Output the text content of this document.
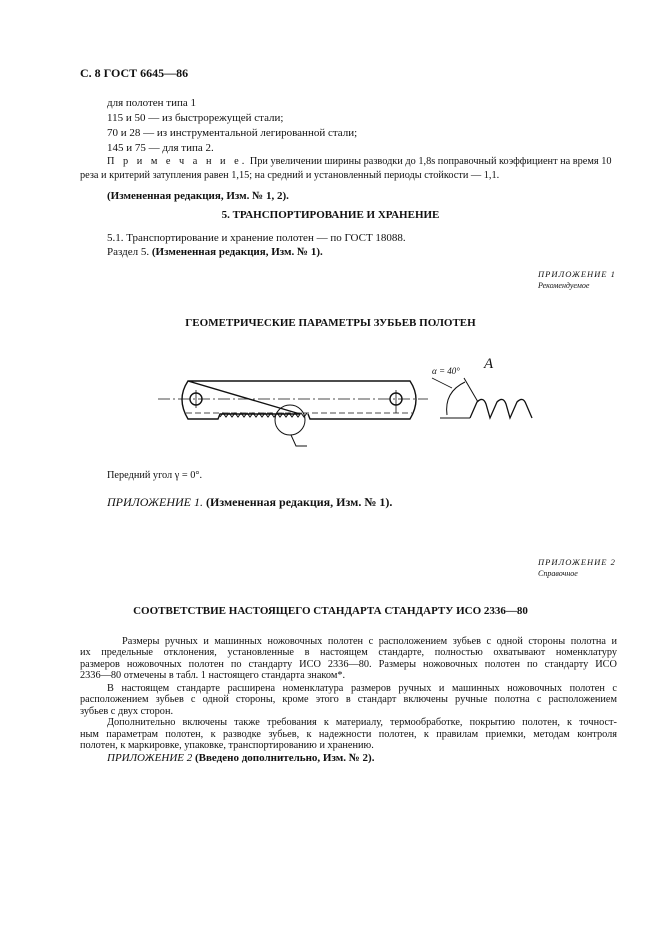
С. 8 ГОСТ 6645—86
для полотен типа 1
115 и 50 — из быстрорежущей стали;
70 и 28 — из инструментальной легированной стали;
145 и 75 — для типа 2.
П р и м е ч а н и е. При увеличении ширины разводки до 1,8s поправочный коэффициент на время 10
реза и критерий затупления равен 1,15; на средний и установленный периоды стойкости — 1,1.
(Измененная редакция, Изм. № 1, 2).
5. ТРАНСПОРТИРОВАНИЕ И ХРАНЕНИЕ
5.1. Транспортирование и хранение полотен — по ГОСТ 18088.
Раздел 5. (Измененная редакция, Изм. № 1).
ПРИЛОЖЕНИЕ 1
Рекомендуемое
ГЕОМЕТРИЧЕСКИЕ ПАРАМЕТРЫ ЗУБЬЕВ ПОЛОТЕН
α = 40° А
Передний угол γ = 0°.
ПРИЛОЖЕНИЕ 1. (Измененная редакция, Изм. № 1).
ПРИЛОЖЕНИЕ 2
Справочное
СООТВЕТСТВИЕ НАСТОЯЩЕГО СТАНДАРТА СТАНДАРТУ ИСО 2336—80
Размеры ручных и машинных ножовочных полотен с расположением зубьев с одной стороны полотна и
их предельные отклонения, установленные в настоящем стандарте, полностью охватывают номенклатуру
размеров ножовочных полотен по стандарту ИСО 2336—80. Размеры ножовочных полотен по стандарту ИСО
2336—80 отмечены в табл. 1 настоящего стандарта знаком*.
В настоящем стандарте расширена номенклатура размеров ручных и машинных ножовочных полотен с
расположением зубьев с одной стороны, кроме этого в стандарт включены ручные полотна с расположением
зубьев с двух сторон.
Дополнительно включены также требования к материалу, термообработке, покрытию полотен, к точност-
ным параметрам полотен, к разводке зубьев, к надежности полотен, к правилам приемки, методам контроля
полотен, к маркировке, упаковке, транспортированию и хранению.
ПРИЛОЖЕНИЕ 2 (Введено дополнительно, Изм. № 2).
